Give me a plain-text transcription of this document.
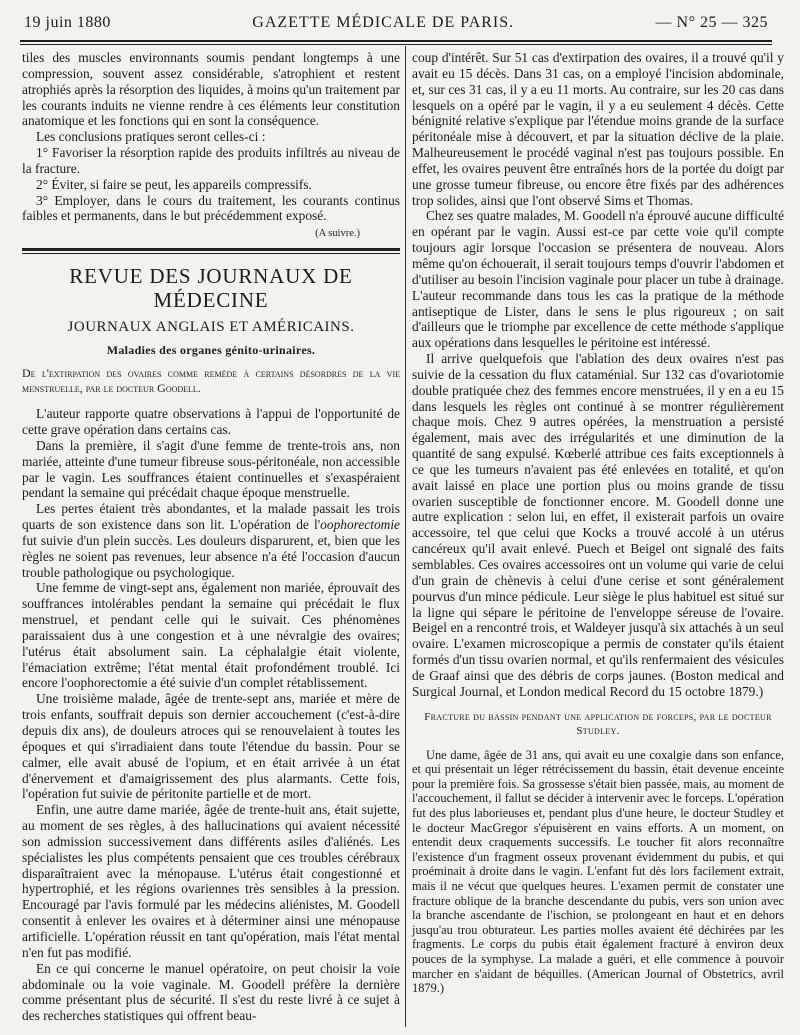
19 juin 1880	GAZETTE MÉDICALE DE PARIS.	— N° 25 — 325

tiles des muscles environnants soumis pendant longtemps à une compression, souvent assez considérable, s'atrophient et restent atrophiés après la résorption des liquides, à moins qu'un traitement par les courants induits ne vienne rendre à ces éléments leur constitution anatomique et les fonctions qui en sont la conséquence.

Les conclusions pratiques seront celles-ci :

1° Favoriser la résorption rapide des produits infiltrés au niveau de la fracture.

2° Éviter, si faire se peut, les appareils compressifs.

3° Employer, dans le cours du traitement, les courants continus faibles et permanents, dans le but précédemment exposé.

(A suivre.)

REVUE DES JOURNAUX DE MÉDECINE

JOURNAUX ANGLAIS ET AMÉRICAINS.

Maladies des organes génito-urinaires.

De l'extirpation des ovaires comme remède à certains désordres de la vie menstruelle, par le docteur Goodell.

L'auteur rapporte quatre observations à l'appui de l'opportunité de cette grave opération dans certains cas.

Dans la première, il s'agit d'une femme de trente-trois ans, non mariée, atteinte d'une tumeur fibreuse sous-péritonéale, non accessible par le vagin. Les souffrances étaient continuelles et s'exaspéraient pendant la semaine qui précédait chaque époque menstruelle.

Les pertes étaient très abondantes, et la malade passait les trois quarts de son existence dans son lit. L'opération de l'oophorectomie fut suivie d'un plein succès. Les douleurs disparurent, et, bien que les règles ne soient pas revenues, leur absence n'a été l'occasion d'aucun trouble pathologique ou psychologique.

Une femme de vingt-sept ans, également non mariée, éprouvait des souffrances intolérables pendant la semaine qui précédait le flux menstruel, et pendant celle qui le suivait. Ces phénomènes paraissaient dus à une congestion et à une névralgie des ovaires; l'utérus était absolument sain. La céphalalgie était violente, l'émaciation extrême; l'état mental était profondément troublé. Ici encore l'oophorectomie a été suivie d'un complet rétablissement.

Une troisième malade, âgée de trente-sept ans, mariée et mère de trois enfants, souffrait depuis son dernier accouchement (c'est-à-dire depuis dix ans), de douleurs atroces qui se renouvelaient à toutes les époques et qui s'irradiaient dans toute l'étendue du bassin. Pour se calmer, elle avait abusé de l'opium, et en était arrivée à un état d'énervement et d'amaigrissement des plus alarmants. Cette fois, l'opération fut suivie de péritonite partielle et de mort.

Enfin, une autre dame mariée, âgée de trente-huit ans, était sujette, au moment de ses règles, à des hallucinations qui avaient nécessité son admission successivement dans différents asiles d'aliénés. Les spécialistes les plus compétents pensaient que ces troubles cérébraux disparaîtraient avec la ménopause. L'utérus était congestionné et hypertrophié, et les régions ovariennes très sensibles à la pression. Encouragé par l'avis formulé par les médecins aliénistes, M. Goodell consentit à enlever les ovaires et à déterminer ainsi une ménopause artificielle. L'opération réussit en tant qu'opération, mais l'état mental n'en fut pas modifié.

En ce qui concerne le manuel opératoire, on peut choisir la voie abdominale ou la voie vaginale. M. Goodell préfère la dernière comme présentant plus de sécurité. Il s'est du reste livré à ce sujet à des recherches statistiques qui offrent beau-

coup d'intérêt. Sur 51 cas d'extirpation des ovaires, il a trouvé qu'il y avait eu 15 décès. Dans 31 cas, on a employé l'incision abdominale, et, sur ces 31 cas, il y a eu 11 morts. Au contraire, sur les 20 cas dans lesquels on a opéré par le vagin, il y a eu seulement 4 décès. Cette bénignité relative s'explique par l'étendue moins grande de la surface péritonéale mise à découvert, et par la situation déclive de la plaie. Malheureusement le procédé vaginal n'est pas toujours possible. En effet, les ovaires peuvent être entraînés hors de la portée du doigt par une grosse tumeur fibreuse, ou encore être fixés par des adhérences trop solides, ainsi que l'ont observé Sims et Thomas.

Chez ses quatre malades, M. Goodell n'a éprouvé aucune difficulté en opérant par le vagin. Aussi est-ce par cette voie qu'il compte toujours agir lorsque l'occasion se présentera de nouveau. Alors même qu'on échouerait, il serait toujours temps d'ouvrir l'abdomen et d'utiliser au besoin l'incision vaginale pour placer un tube à drainage. L'auteur recommande dans tous les cas la pratique de la méthode antiseptique de Lister, dans le sens le plus rigoureux ; on sait d'ailleurs que le triomphe par excellence de cette méthode s'applique aux opérations dans lesquelles le péritoine est intéressé.

Il arrive quelquefois que l'ablation des deux ovaires n'est pas suivie de la cessation du flux cataménial. Sur 132 cas d'ovariotomie double pratiquée chez des femmes encore menstruées, il y en a eu 15 dans lesquels les règles ont continué à se montrer régulièrement chaque mois. Chez 9 autres opérées, la menstruation a persisté également, mais avec des irrégularités et une diminution de la quantité de sang expulsé. Kœberlé attribue ces faits exceptionnels à ce que les tumeurs n'avaient pas été enlevées en totalité, et qu'on avait laissé en place une portion plus ou moins grande de tissu ovarien susceptible de fonctionner encore. M. Goodell donne une autre explication : selon lui, en effet, il existerait parfois un ovaire accessoire, tel que celui que Kocks a trouvé accolé à un utérus cancéreux qu'il avait enlevé. Puech et Beigel ont signalé des faits semblables. Ces ovaires accessoires ont un volume qui varie de celui d'un grain de chènevis à celui d'une cerise et sont généralement pourvus d'un mince pédicule. Leur siège le plus habituel est situé sur la ligne qui sépare le péritoine de l'enveloppe séreuse de l'ovaire. Beigel en a rencontré trois, et Waldeyer jusqu'à six attachés à un seul ovaire. L'examen microscopique a permis de constater qu'ils étaient formés d'un tissu ovarien normal, et qu'ils renfermaient des vésicules de Graaf ainsi que des débris de corps jaunes. (Boston medical and Surgical Journal, et London medical Record du 15 octobre 1879.)

Fracture du bassin pendant une application de forceps, par le docteur Studley.

Une dame, âgée de 31 ans, qui avait eu une coxalgie dans son enfance, et qui présentait un léger rétrécissement du bassin, était devenue enceinte pour la première fois. Sa grossesse s'était bien passée, mais, au moment de l'accouchement, il fallut se décider à intervenir avec le forceps. L'opération fut des plus laborieuses et, pendant plus d'une heure, le docteur Studley et le docteur MacGregor s'épuisèrent en vains efforts. A un moment, on entendit deux craquements successifs. Le toucher fit alors reconnaître l'existence d'un fragment osseux provenant évidemment du pubis, et qui proéminait à droite dans le vagin. L'enfant fut dès lors facilement extrait, mais il ne vécut que quelques heures. L'examen permit de constater une fracture oblique de la branche descendante du pubis, vers son union avec la branche ascendante de l'ischion, se prolongeant en haut et en dehors jusqu'au trou obturateur. Les parties molles avaient été déchirées par les fragments. Le corps du pubis était également fracturé à environ deux pouces de la symphyse. La malade a guéri, et elle commence à pouvoir marcher en s'aidant de béquilles. (American Journal of Obstetrics, avril 1879.)
